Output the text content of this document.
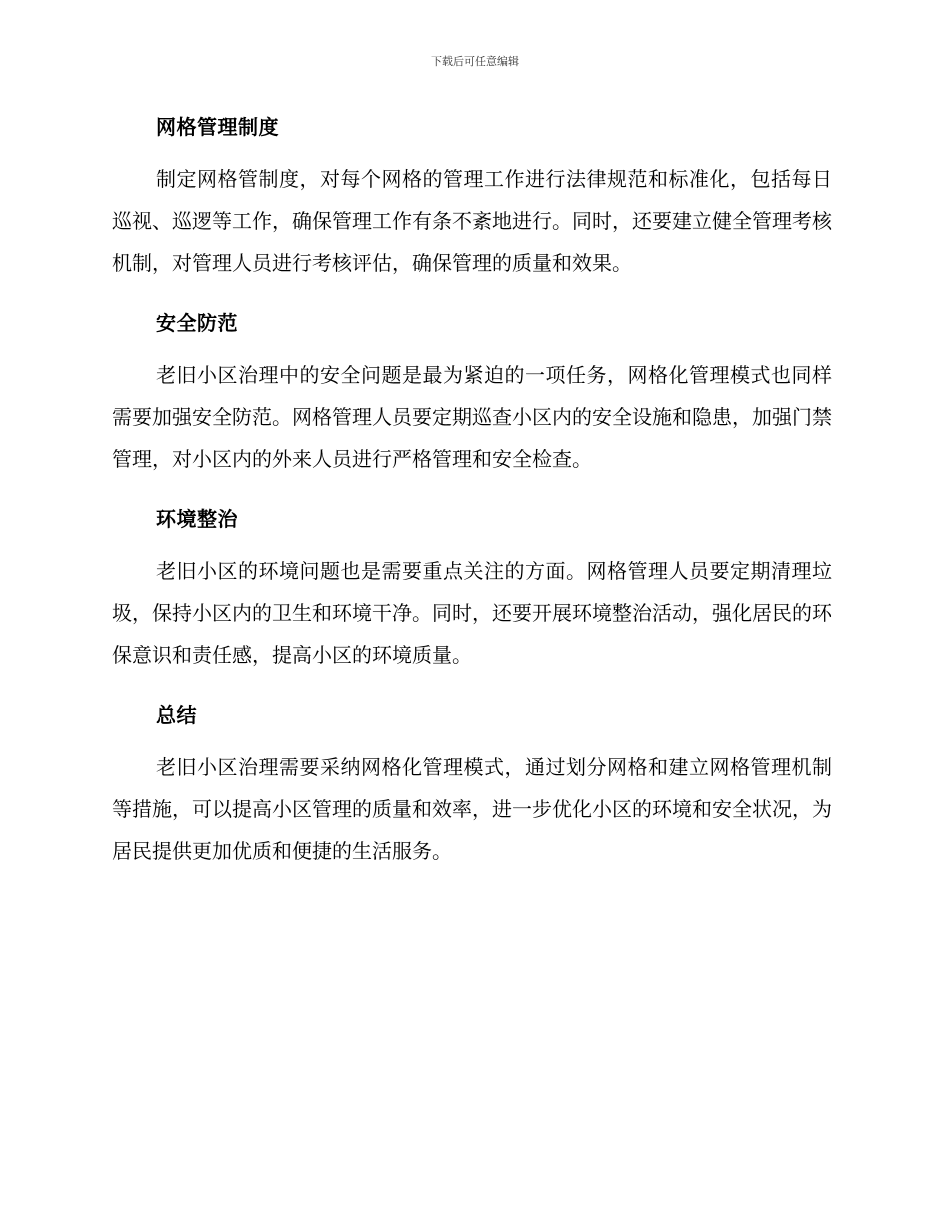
下载后可任意编辑
网格管理制度

制定网格管制度，对每个网格的管理工作进行法律规范和标准化，包括每日巡视、巡逻等工作，确保管理工作有条不紊地进行。同时，还要建立健全管理考核机制，对管理人员进行考核评估，确保管理的质量和效果。

安全防范

老旧小区治理中的安全问题是最为紧迫的一项任务，网格化管理模式也同样需要加强安全防范。网格管理人员要定期巡查小区内的安全设施和隐患，加强门禁管理，对小区内的外来人员进行严格管理和安全检查。

环境整治

老旧小区的环境问题也是需要重点关注的方面。网格管理人员要定期清理垃圾，保持小区内的卫生和环境干净。同时，还要开展环境整治活动，强化居民的环保意识和责任感，提高小区的环境质量。

总结

老旧小区治理需要采纳网格化管理模式，通过划分网格和建立网格管理机制等措施，可以提高小区管理的质量和效率，进一步优化小区的环境和安全状况，为居民提供更加优质和便捷的生活服务。
